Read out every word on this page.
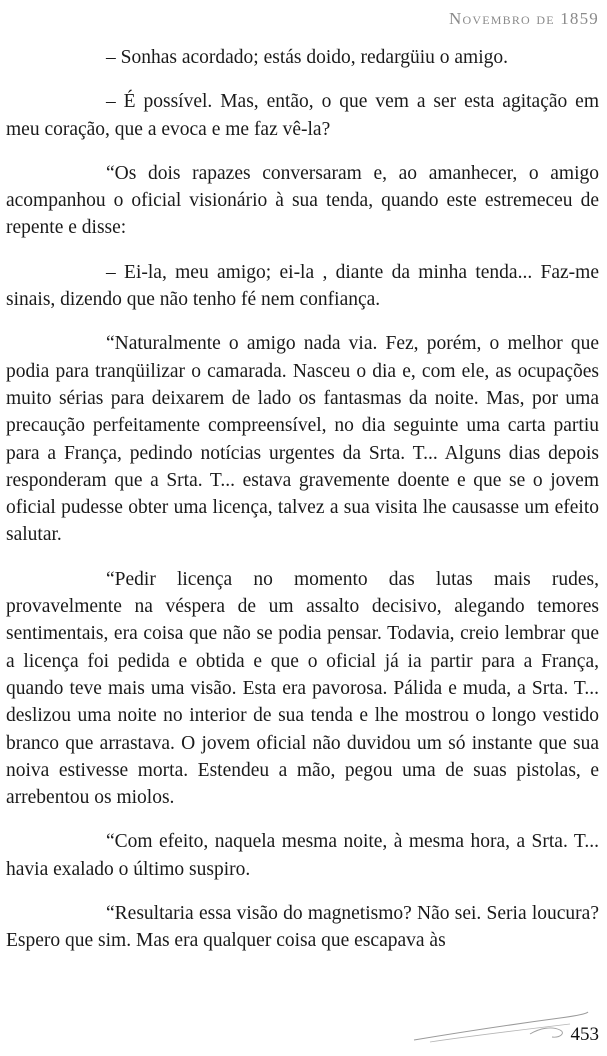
Novembro de 1859

– Sonhas acordado; estás doido, redargüiu o amigo.

– É possível. Mas, então, o que vem a ser esta agitação em meu coração, que a evoca e me faz vê-la?

“Os dois rapazes conversaram e, ao amanhecer, o amigo acompanhou o oficial visionário à sua tenda, quando este estremeceu de repente e disse:

– Ei-la, meu amigo; ei-la , diante da minha tenda... Faz-me sinais, dizendo que não tenho fé nem confiança.

“Naturalmente o amigo nada via. Fez, porém, o melhor que podia para tranqüilizar o camarada. Nasceu o dia e, com ele, as ocupações muito sérias para deixarem de lado os fantasmas da noite. Mas, por uma precaução perfeitamente compreensível, no dia seguinte uma carta partiu para a França, pedindo notícias urgentes da Srta. T... Alguns dias depois responderam que a Srta. T... estava gravemente doente e que se o jovem oficial pudesse obter uma licença, talvez a sua visita lhe causasse um efeito salutar.

“Pedir licença no momento das lutas mais rudes, provavelmente na véspera de um assalto decisivo, alegando temores sentimentais, era coisa que não se podia pensar. Todavia, creio lembrar que a licença foi pedida e obtida e que o oficial já ia partir para a França, quando teve mais uma visão. Esta era pavorosa. Pálida e muda, a Srta. T... deslizou uma noite no interior de sua tenda e lhe mostrou o longo vestido branco que arrastava. O jovem oficial não duvidou um só instante que sua noiva estivesse morta. Estendeu a mão, pegou uma de suas pistolas, e arrebentou os miolos.

“Com efeito, naquela mesma noite, à mesma hora, a Srta. T... havia exalado o último suspiro.

“Resultaria essa visão do magnetismo? Não sei. Seria loucura? Espero que sim. Mas era qualquer coisa que escapava às

453
